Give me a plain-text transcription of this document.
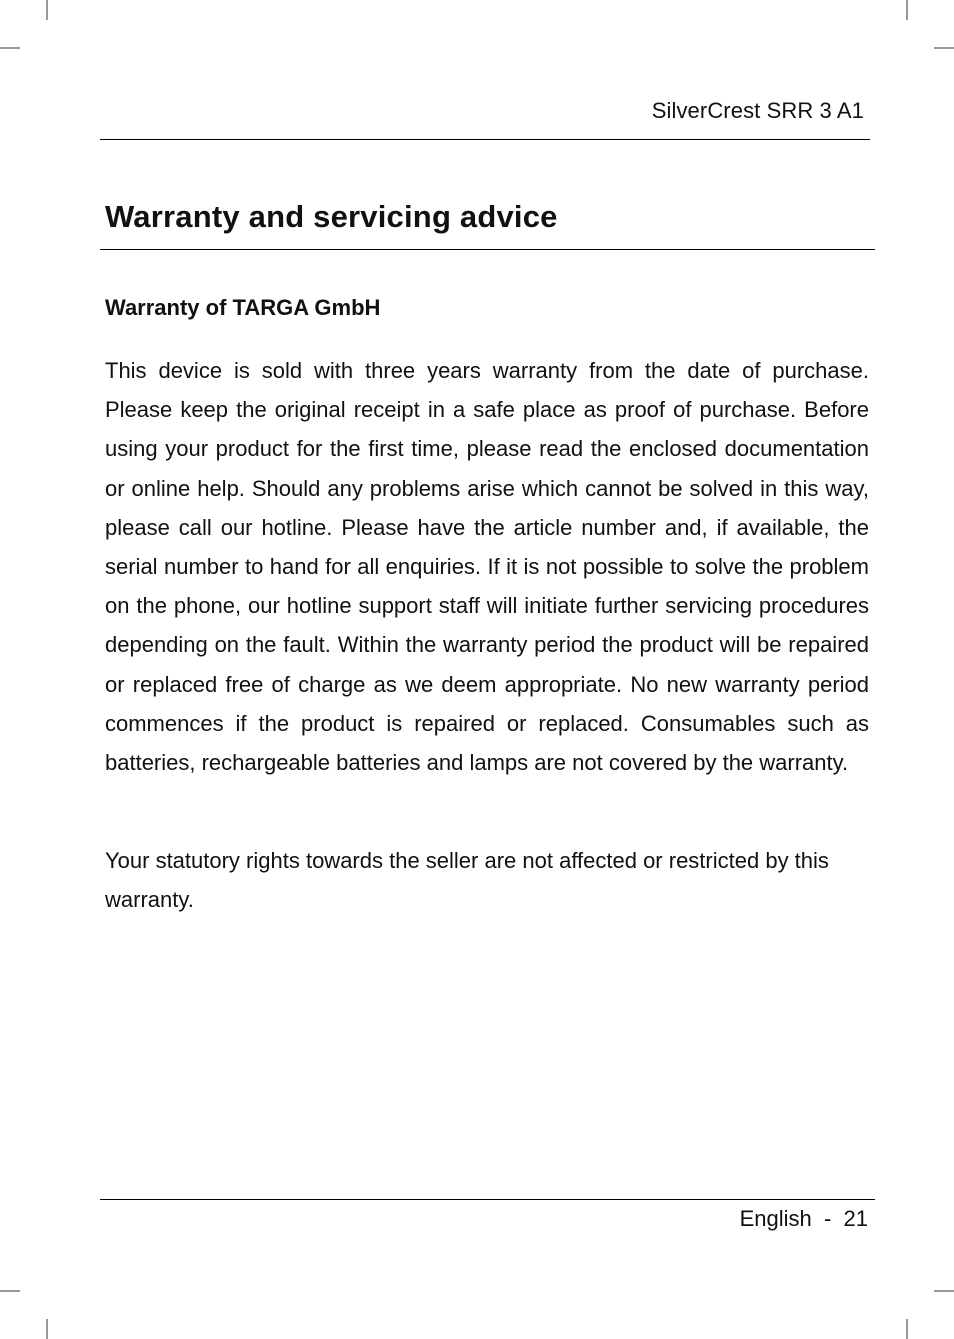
SilverCrest SRR 3 A1
Warranty and servicing advice
Warranty of TARGA GmbH

This device is sold with three years warranty from the date of purchase. Please keep the original receipt in a safe place as proof of purchase. Before using your product for the first time, please read the enclosed documentation or online help. Should any problems arise which cannot be solved in this way, please call our hotline. Please have the article number and, if available, the serial number to hand for all enquiries. If it is not possible to solve the problem on the phone, our hotline support staff will initiate further servicing procedures depending on the fault. Within the warranty period the product will be repaired or replaced free of charge as we deem appropriate. No new warranty period commences if the product is repaired or replaced. Consumables such as batteries, rechargeable batteries and lamps are not covered by the warranty.

Your statutory rights towards the seller are not affected or restricted by this warranty.

English - 21
